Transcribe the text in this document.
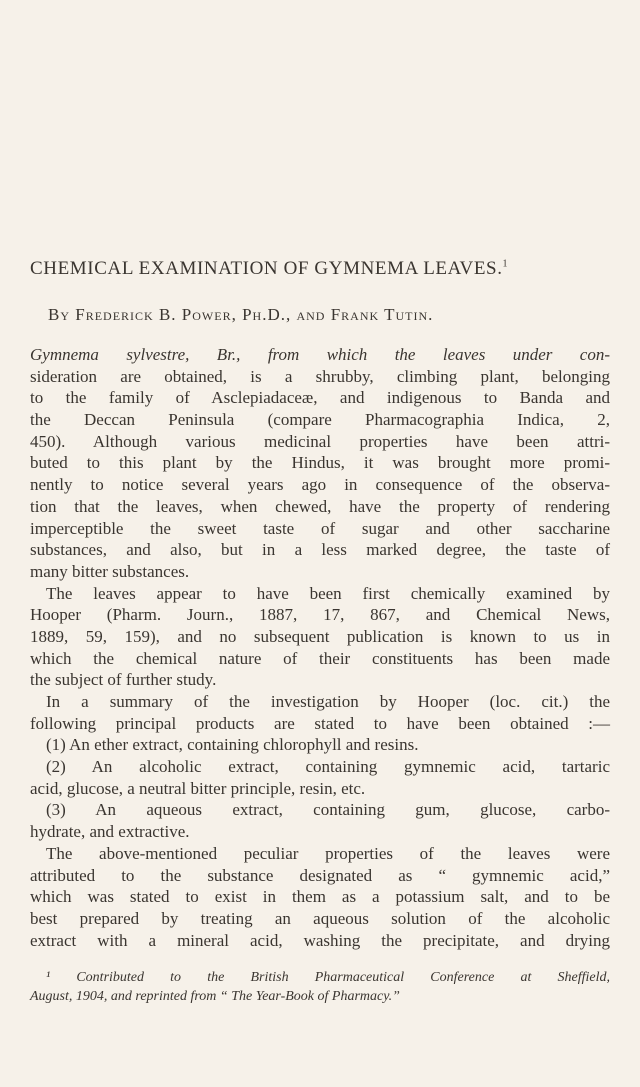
CHEMICAL EXAMINATION OF GYMNEMA LEAVES.$^1$
By Frederick B. Power, Ph.D., and Frank Tutin.
Gymnema sylvestre, Br., from which the leaves under con-
sideration are obtained, is a shrubby, climbing plant, belonging
to the family of Asclepiadaceæ, and indigenous to Banda and
the Deccan Peninsula (compare Pharmacographia Indica, 2,
450). Although various medicinal properties have been attri-
buted to this plant by the Hindus, it was brought more promi-
nently to notice several years ago in consequence of the observa-
tion that the leaves, when chewed, have the property of rendering
imperceptible the sweet taste of sugar and other saccharine
substances, and also, but in a less marked degree, the taste of
many bitter substances.
The leaves appear to have been first chemically examined by
Hooper (Pharm. Journ., 1887, 17, 867, and Chemical News,
1889, 59, 159), and no subsequent publication is known to us in
which the chemical nature of their constituents has been made
the subject of further study.
In a summary of the investigation by Hooper (loc. cit.) the
following principal products are stated to have been obtained :—
(1) An ether extract, containing chlorophyll and resins.
(2) An alcoholic extract, containing gymnemic acid, tartaric
acid, glucose, a neutral bitter principle, resin, etc.
(3) An aqueous extract, containing gum, glucose, carbo-
hydrate, and extractive.
The above-mentioned peculiar properties of the leaves were
attributed to the substance designated as “ gymnemic acid,”
which was stated to exist in them as a potassium salt, and to be
best prepared by treating an aqueous solution of the alcoholic
extract with a mineral acid, washing the precipitate, and drying
¹ Contributed to the British Pharmaceutical Conference at Sheffield,
August, 1904, and reprinted from “ The Year-Book of Pharmacy.”
